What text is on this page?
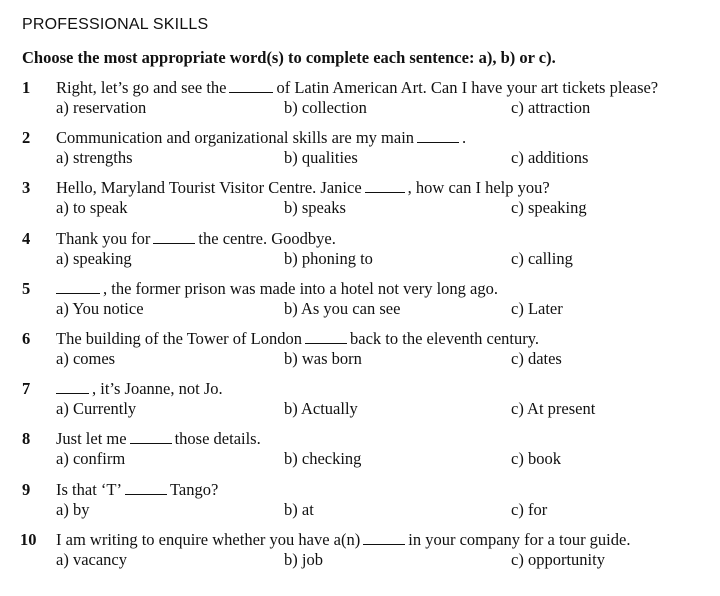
PROFESSIONAL SKILLS
Choose the most appropriate word(s) to complete each sentence: a), b) or c).
1 Right, let’s go and see the	of Latin American Art. Can I have your art tickets please?
a) reservation	b) collection	c) attraction
2 Communication and organizational skills are my main	.
a) strengths	b) qualities	c) additions
3 Hello, Maryland Tourist Visitor Centre. Janice	, how can I help you?
a) to speak	b) speaks	c) speaking
4 Thank you for	the centre. Goodbye.
a) speaking	b) phoning to	c) calling
5	, the former prison was made into a hotel not very long ago.
a) You notice	b) As you can see	c) Later
6 The building of the Tower of London	back to the eleventh century.
a) comes	b) was born	c) dates
7	, it’s Joanne, not Jo.
a) Currently	b) Actually	c) At present
8 Just let me	those details.
a) confirm	b) checking	c) book
9 Is that ‘T’	Tango?
a) by	b) at	c) for
10 I am writing to enquire whether you have a(n)	in your company for a tour guide.
a) vacancy	b) job	c) opportunity
